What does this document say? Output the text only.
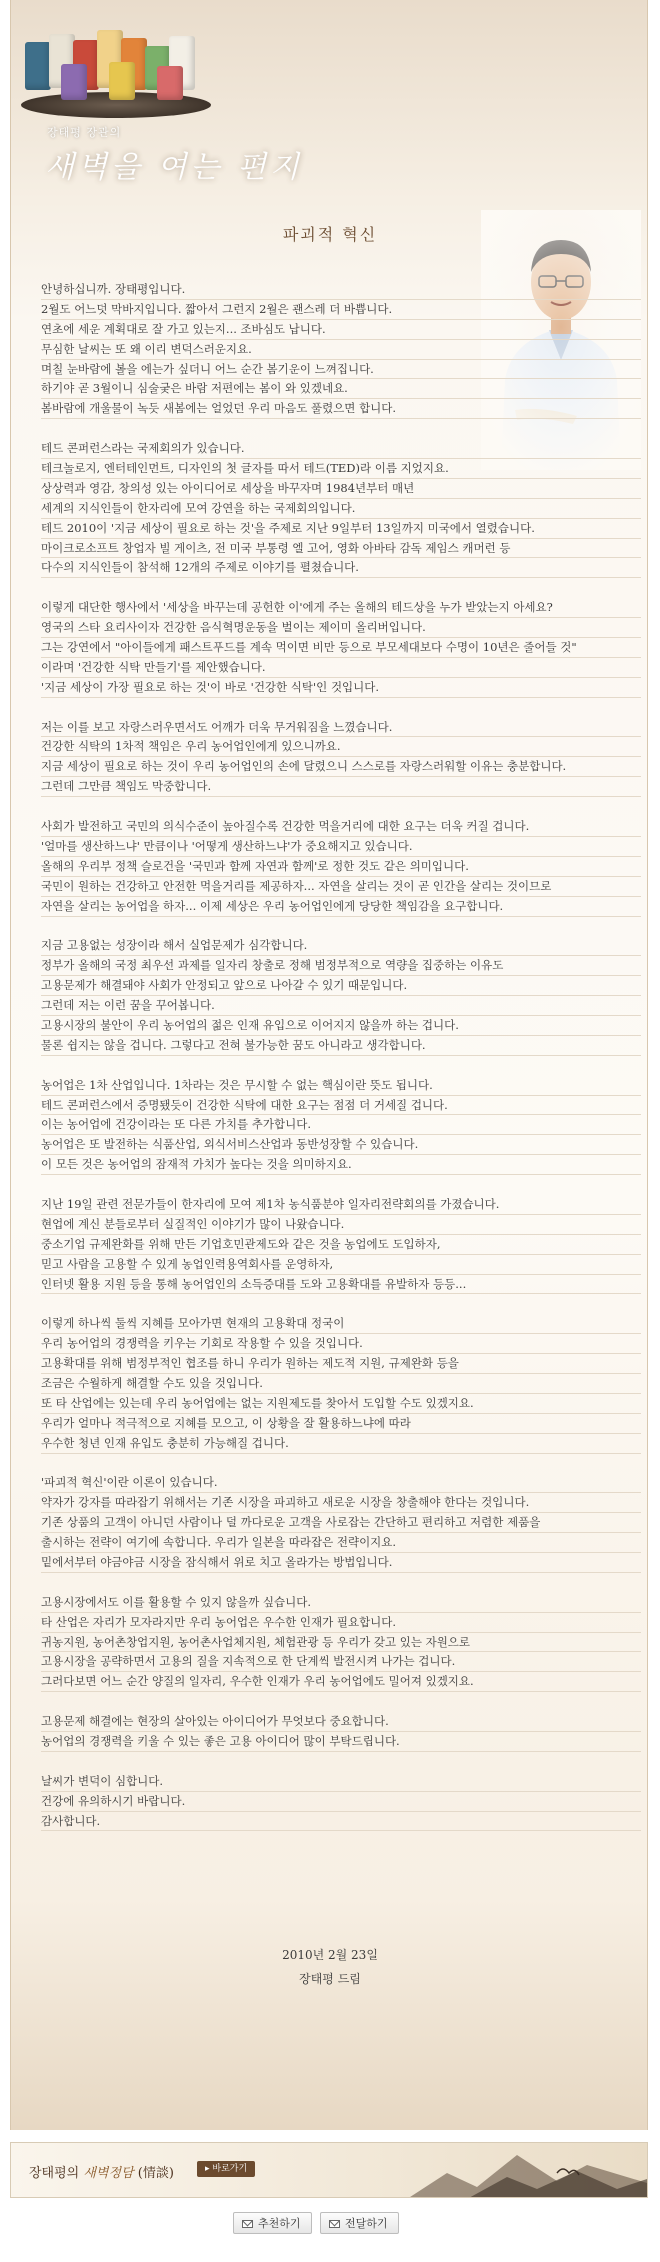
장태평 장관의
새벽을 여는 편지
파괴적 혁신
안녕하십니까. 장태평입니다.
2월도 어느덧 막바지입니다. 짧아서 그런지 2월은 괜스레 더 바쁩니다.
연초에 세운 계획대로 잘 가고 있는지... 조바심도 납니다.
무심한 날씨는 또 왜 이리 변덕스러운지요.
며칠 눈바람에 볼을 에는가 싶더니 어느 순간 봄기운이 느껴집니다.
하기야 곧 3월이니 심술궂은 바람 저편에는 봄이 와 있겠네요.
봄바람에 개울물이 녹듯 새봄에는 얼었던 우리 마음도 풀렸으면 합니다.
테드 콘퍼런스라는 국제회의가 있습니다.
테크놀로지, 엔터테인먼트, 디자인의 첫 글자를 따서 테드(TED)라 이름 지었지요.
상상력과 영감, 창의성 있는 아이디어로 세상을 바꾸자며 1984년부터 매년
세계의 지식인들이 한자리에 모여 강연을 하는 국제회의입니다.
테드 2010이 '지금 세상이 필요로 하는 것'을 주제로 지난 9일부터 13일까지 미국에서 열렸습니다.
마이크로소프트 창업자 빌 게이츠, 전 미국 부통령 엘 고어, 영화 아바타 감독 제임스 캐머런 등
다수의 지식인들이 참석해 12개의 주제로 이야기를 펼쳤습니다.
이렇게 대단한 행사에서 '세상을 바꾸는데 공헌한 이'에게 주는 올해의 테드상을 누가 받았는지 아세요?
영국의 스타 요리사이자 건강한 음식혁명운동을 벌이는 제이미 올리버입니다.
그는 강연에서 "아이들에게 패스트푸드를 계속 먹이면 비만 등으로 부모세대보다 수명이 10년은 줄어들 것"
이라며 '건강한 식탁 만들기'를 제안했습니다.
'지금 세상이 가장 필요로 하는 것'이 바로 '건강한 식탁'인 것입니다.
저는 이를 보고 자랑스러우면서도 어깨가 더욱 무거워짐을 느꼈습니다.
건강한 식탁의 1차적 책임은 우리 농어업인에게 있으니까요.
지금 세상이 필요로 하는 것이 우리 농어업인의 손에 달렸으니 스스로를 자랑스러워할 이유는 충분합니다.
그런데 그만큼 책임도 막중합니다.
사회가 발전하고 국민의 의식수준이 높아질수록 건강한 먹을거리에 대한 요구는 더욱 커질 겁니다.
'얼마를 생산하느냐' 만큼이나 '어떻게 생산하느냐'가 중요해지고 있습니다.
올해의 우리부 정책 슬로건을 '국민과 함께 자연과 함께'로 정한 것도 같은 의미입니다.
국민이 원하는 건강하고 안전한 먹을거리를 제공하자... 자연을 살리는 것이 곧 인간을 살리는 것이므로
자연을 살리는 농어업을 하자... 이제 세상은 우리 농어업인에게 당당한 책임감을 요구합니다.
지금 고용없는 성장이라 해서 실업문제가 심각합니다.
정부가 올해의 국정 최우선 과제를 일자리 창출로 정해 범정부적으로 역량을 집중하는 이유도
고용문제가 해결돼야 사회가 안정되고 앞으로 나아갈 수 있기 때문입니다.
그런데 저는 이런 꿈을 꾸어봅니다.
고용시장의 불안이 우리 농어업의 젊은 인재 유입으로 이어지지 않을까 하는 겁니다.
물론 쉽지는 않을 겁니다. 그렇다고 전혀 불가능한 꿈도 아니라고 생각합니다.
농어업은 1차 산업입니다. 1차라는 것은 무시할 수 없는 핵심이란 뜻도 됩니다.
테드 콘퍼런스에서 증명됐듯이 건강한 식탁에 대한 요구는 점점 더 거세질 겁니다.
이는 농어업에 건강이라는 또 다른 가치를 추가합니다.
농어업은 또 발전하는 식품산업, 외식서비스산업과 동반성장할 수 있습니다.
이 모든 것은 농어업의 잠재적 가치가 높다는 것을 의미하지요.
지난 19일 관련 전문가들이 한자리에 모여 제1차 농식품분야 일자리전략회의를 가졌습니다.
현업에 계신 분들로부터 실질적인 이야기가 많이 나왔습니다.
중소기업 규제완화를 위해 만든 기업호민관제도와 같은 것을 농업에도 도입하자,
믿고 사람을 고용할 수 있게 농업인력용역회사를 운영하자,
인터넷 활용 지원 등을 통해 농어업인의 소득증대를 도와 고용확대를 유발하자 등등...
이렇게 하나씩 둘씩 지혜를 모아가면 현재의 고용확대 정국이
우리 농어업의 경쟁력을 키우는 기회로 작용할 수 있을 것입니다.
고용확대를 위해 범정부적인 협조를 하니 우리가 원하는 제도적 지원, 규제완화 등을
조금은 수월하게 해결할 수도 있을 것입니다.
또 타 산업에는 있는데 우리 농어업에는 없는 지원제도를 찾아서 도입할 수도 있겠지요.
우리가 얼마나 적극적으로 지혜를 모으고, 이 상황을 잘 활용하느냐에 따라
우수한 청년 인재 유입도 충분히 가능해질 겁니다.
'파괴적 혁신'이란 이론이 있습니다.
약자가 강자를 따라잡기 위해서는 기존 시장을 파괴하고 새로운 시장을 창출해야 한다는 것입니다.
기존 상품의 고객이 아니던 사람이나 덜 까다로운 고객을 사로잡는 간단하고 편리하고 저렴한 제품을
출시하는 전략이 여기에 속합니다. 우리가 일본을 따라잡은 전략이지요.
밑에서부터 야금야금 시장을 잠식해서 위로 치고 올라가는 방법입니다.
고용시장에서도 이를 활용할 수 있지 않을까 싶습니다.
타 산업은 자리가 모자라지만 우리 농어업은 우수한 인재가 필요합니다.
귀농지원, 농어촌창업지원, 농어촌사업체지원, 체험관광 등 우리가 갖고 있는 자원으로
고용시장을 공략하면서 고용의 질을 지속적으로 한 단계씩 발전시켜 나가는 겁니다.
그러다보면 어느 순간 양질의 일자리, 우수한 인재가 우리 농어업에도 밀어져 있겠지요.
고용문제 해결에는 현장의 살아있는 아이디어가 무엇보다 중요합니다.
농어업의 경쟁력을 키울 수 있는 좋은 고용 아이디어 많이 부탁드립니다.
날씨가 변덕이 심합니다.
건강에 유의하시기 바랍니다.
감사합니다.
2010년 2월 23일
장태평 드림
장태평의 새벽정담 (情談)	▸ 바로가기
추천하기	전달하기
